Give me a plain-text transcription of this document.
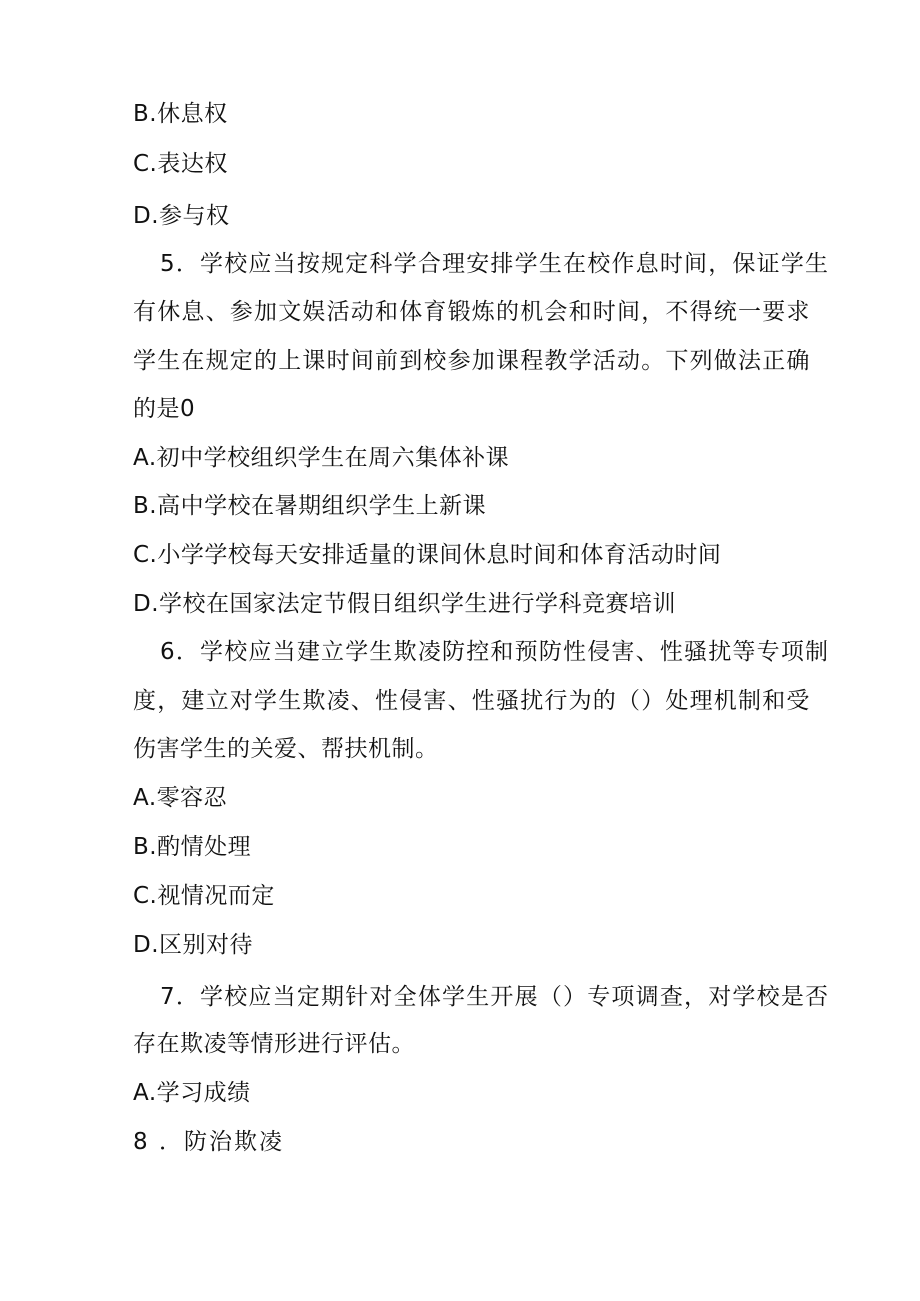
B.休息权
C.表达权
D.参与权
5．学校应当按规定科学合理安排学生在校作息时间，保证学生
有休息、参加文娱活动和体育锻炼的机会和时间，不得统一要求
学生在规定的上课时间前到校参加课程教学活动。下列做法正确
的是0
A.初中学校组织学生在周六集体补课
B.高中学校在暑期组织学生上新课
C.小学学校每天安排适量的课间休息时间和体育活动时间
D.学校在国家法定节假日组织学生进行学科竞赛培训
6．学校应当建立学生欺凌防控和预防性侵害、性骚扰等专项制
度，建立对学生欺凌、性侵害、性骚扰行为的（）处理机制和受
伤害学生的关爱、帮扶机制。
A.零容忍
B.酌情处理
C.视情况而定
D.区别对待
7．学校应当定期针对全体学生开展（）专项调查，对学校是否
存在欺凌等情形进行评估。
A.学习成绩
8 ．防治欺凌
